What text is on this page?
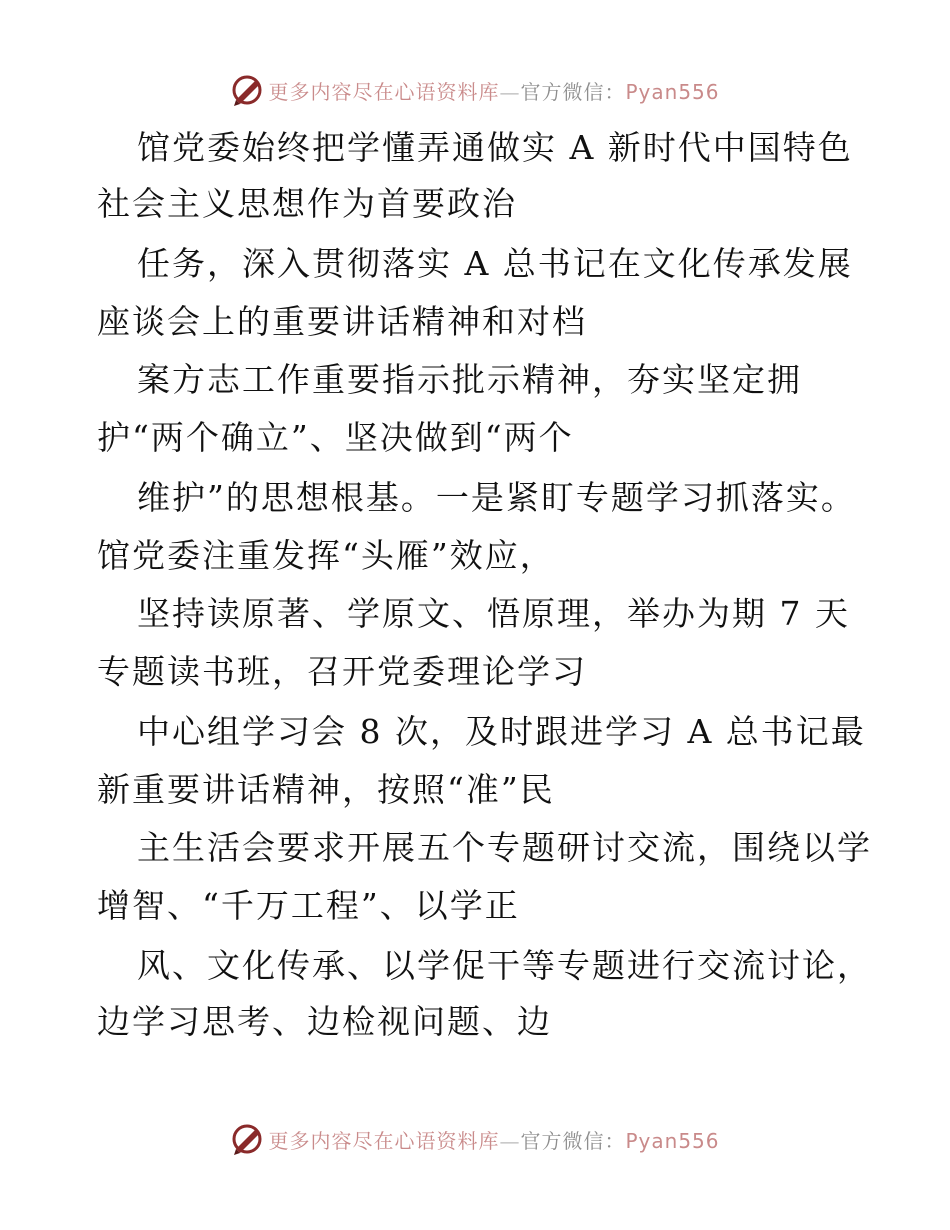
更多内容尽在心语资料库—官方微信：Pyan556
馆党委始终把学懂弄通做实 A 新时代中国特色
社会主义思想作为首要政治
任务，深入贯彻落实 A 总书记在文化传承发展
座谈会上的重要讲话精神和对档
案方志工作重要指示批示精神，夯实坚定拥
护“两个确立”、坚决做到“两个
维护”的思想根基。一是紧盯专题学习抓落实。
馆党委注重发挥“头雁”效应，
坚持读原著、学原文、悟原理，举办为期 7 天
专题读书班，召开党委理论学习
中心组学习会 8 次，及时跟进学习 A 总书记最
新重要讲话精神，按照“准”民
主生活会要求开展五个专题研讨交流，围绕以学
增智、“千万工程”、以学正
风、文化传承、以学促干等专题进行交流讨论，
边学习思考、边检视问题、边
更多内容尽在心语资料库—官方微信：Pyan556
